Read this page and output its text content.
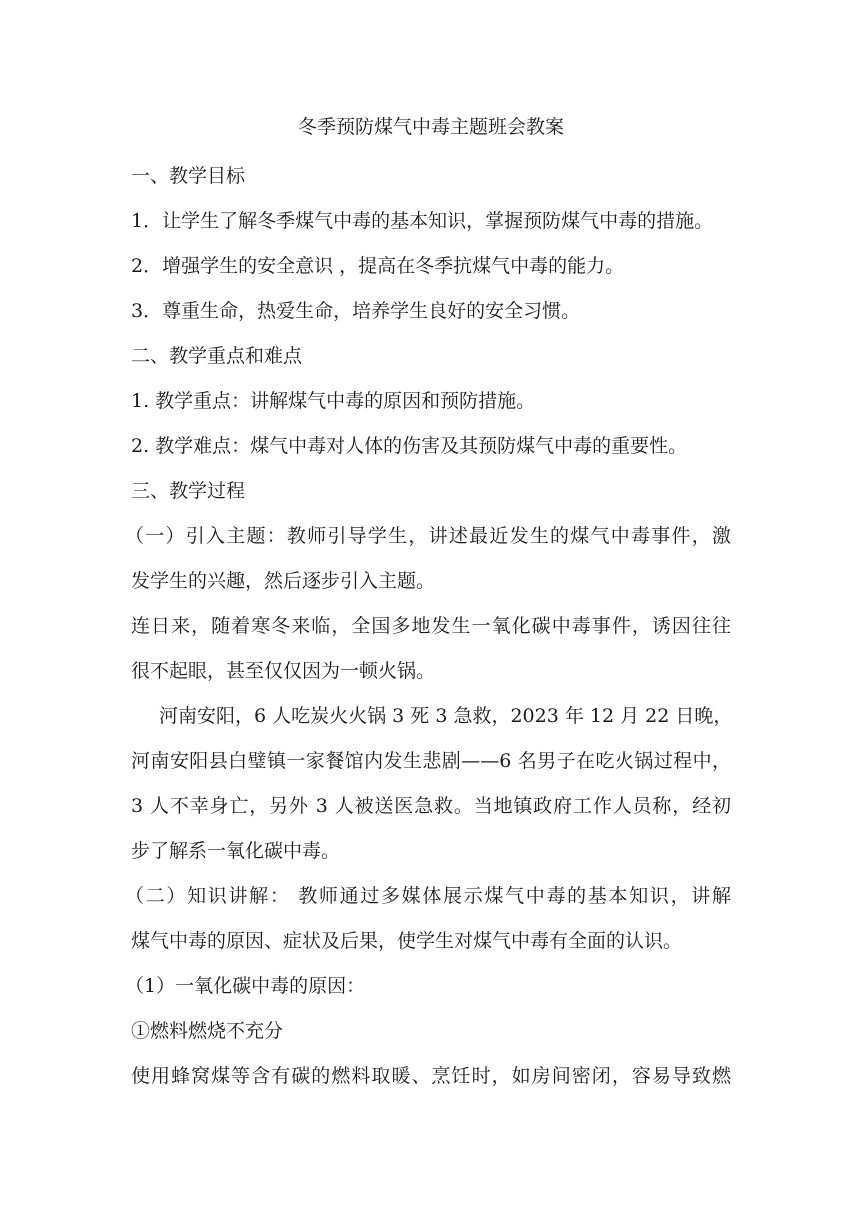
冬季预防煤气中毒主题班会教案
一、教学目标
1．让学生了解冬季煤气中毒的基本知识，掌握预防煤气中毒的措施。
2．增强学生的安全意识 ，提高在冬季抗煤气中毒的能力。
3．尊重生命，热爱生命，培养学生良好的安全习惯。
二、教学重点和难点
1. 教学重点：讲解煤气中毒的原因和预防措施。
2. 教学难点：煤气中毒对人体的伤害及其预防煤气中毒的重要性。
三、教学过程
（一）引入主题：教师引导学生，讲述最近发生的煤气中毒事件，激
发学生的兴趣，然后逐步引入主题。
连日来，随着寒冬来临，全国多地发生一氧化碳中毒事件，诱因往往
很不起眼，甚至仅仅因为一顿火锅。
河南安阳，6 人吃炭火火锅 3 死 3 急救，2023 年 12 月 22 日晚，
河南安阳县白璧镇一家餐馆内发生悲剧——6 名男子在吃火锅过程中，
3 人不幸身亡，另外 3 人被送医急救。当地镇政府工作人员称，经初
步了解系一氧化碳中毒。
（二）知识讲解： 教师通过多媒体展示煤气中毒的基本知识，讲解
煤气中毒的原因、症状及后果，使学生对煤气中毒有全面的认识。
（1）一氧化碳中毒的原因：
①燃料燃烧不充分
使用蜂窝煤等含有碳的燃料取暖、烹饪时，如房间密闭，容易导致燃
